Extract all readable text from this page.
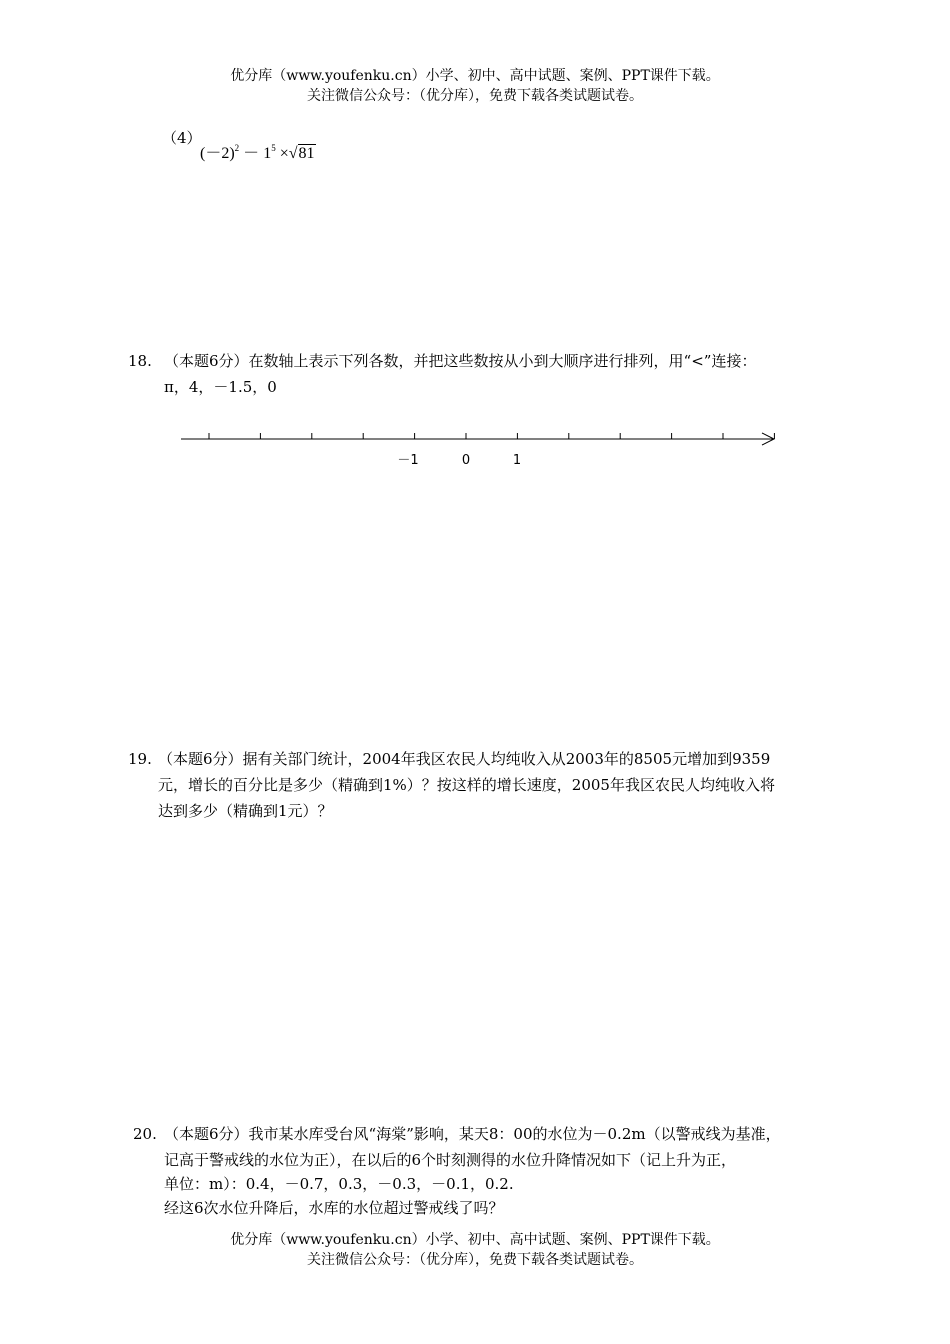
优分库（www.youfenku.cn）小学、初中、高中试题、案例、PPT课件下载。
关注微信公众号：（优分库），免费下载各类试题试卷。
（4）
$(-2)^2 - 1^5 \times√81$
18. （本题6分）在数轴上表示下列各数，并把这些数按从小到大顺序进行排列，用“<”连接：
π，4，－1.5，0
－1	0	1
19. （本题6分）据有关部门统计，2004年我区农民人均纯收入从2003年的8505元增加到9359
元，增长的百分比是多少（精确到1%）？按这样的增长速度，2005年我区农民人均纯收入将
达到多少（精确到1元）？
20. （本题6分）我市某水库受台风“海棠”影响，某天8：00的水位为－0.2m（以警戒线为基准，
记高于警戒线的水位为正），在以后的6个时刻测得的水位升降情况如下（记上升为正，
单位：m）：0.4，－0.7，0.3，－0.3，－0.1，0.2.
经这6次水位升降后，水库的水位超过警戒线了吗？
优分库（www.youfenku.cn）小学、初中、高中试题、案例、PPT课件下载。
关注微信公众号：（优分库），免费下载各类试题试卷。
